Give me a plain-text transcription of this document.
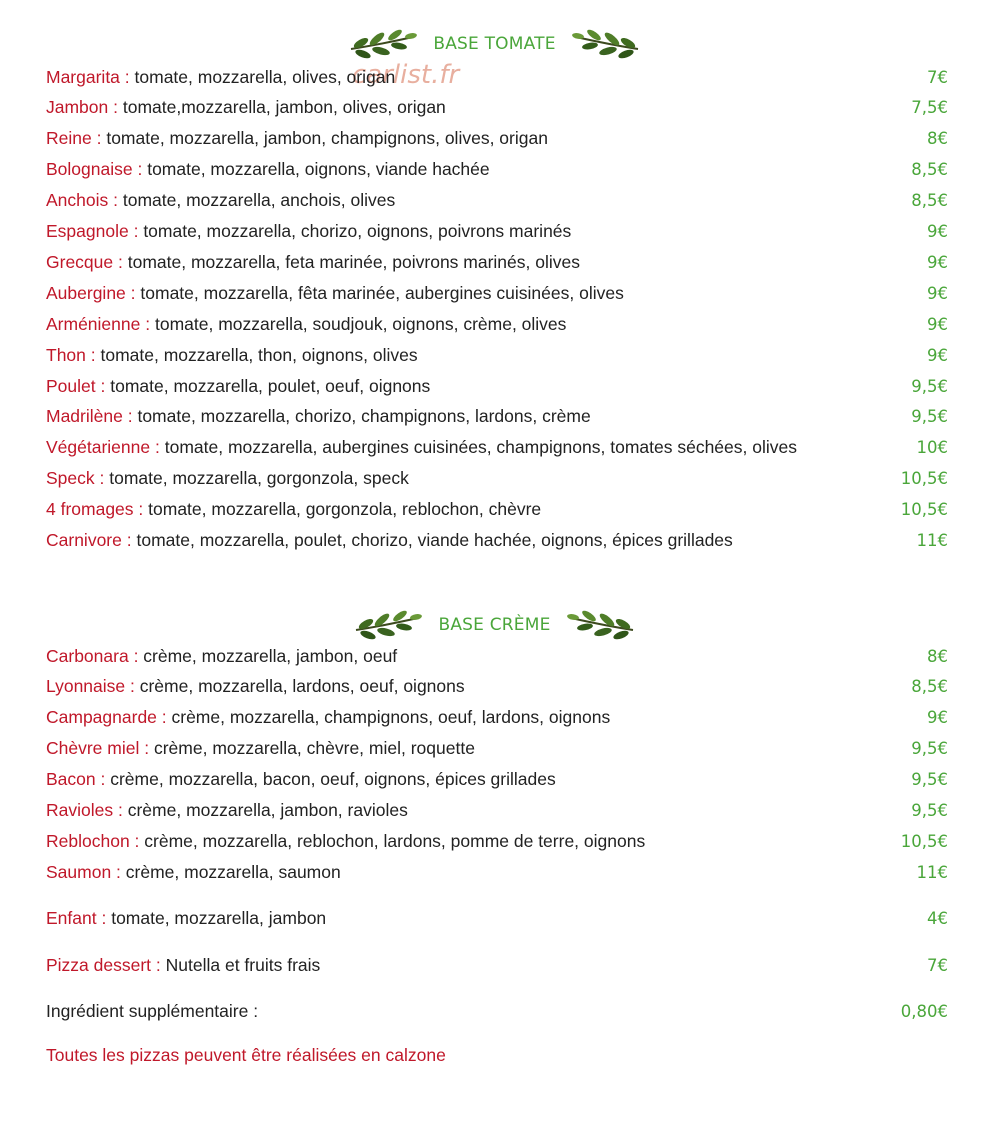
BASE TOMATE
carlist.fr
Margarita : tomate, mozzarella, olives, origan	7€
Jambon : tomate,mozzarella, jambon, olives, origan	7,5€
Reine : tomate, mozzarella, jambon, champignons, olives, origan	8€
Bolognaise : tomate, mozzarella, oignons, viande hachée	8,5€
Anchois : tomate, mozzarella, anchois, olives	8,5€
Espagnole : tomate, mozzarella, chorizo, oignons, poivrons marinés	9€
Grecque : tomate, mozzarella, feta marinée, poivrons marinés, olives	9€
Aubergine : tomate, mozzarella, fêta marinée, aubergines cuisinées, olives	9€
Arménienne : tomate, mozzarella, soudjouk, oignons, crème, olives	9€
Thon : tomate, mozzarella, thon, oignons, olives	9€
Poulet : tomate, mozzarella, poulet, oeuf, oignons	9,5€
Madrilène : tomate, mozzarella, chorizo, champignons, lardons, crème	9,5€
Végétarienne : tomate, mozzarella, aubergines cuisinées, champignons, tomates séchées, olives	10€
Speck : tomate, mozzarella, gorgonzola, speck	10,5€
4 fromages : tomate, mozzarella, gorgonzola, reblochon, chèvre	10,5€
Carnivore : tomate, mozzarella, poulet, chorizo, viande hachée, oignons, épices grillades	11€
BASE CRÈME
Carbonara : crème, mozzarella, jambon, oeuf	8€
Lyonnaise : crème, mozzarella, lardons, oeuf, oignons	8,5€
Campagnarde : crème, mozzarella, champignons, oeuf, lardons, oignons	9€
Chèvre miel : crème, mozzarella, chèvre, miel, roquette	9,5€
Bacon : crème, mozzarella, bacon, oeuf, oignons, épices grillades	9,5€
Ravioles : crème, mozzarella, jambon, ravioles	9,5€
Reblochon : crème, mozzarella, reblochon, lardons, pomme de terre, oignons	10,5€
Saumon : crème, mozzarella, saumon	11€
Enfant : tomate, mozzarella, jambon	4€
Pizza dessert : Nutella et fruits frais	7€
Ingrédient supplémentaire :	0,80€
Toutes les pizzas peuvent être réalisées en calzone
